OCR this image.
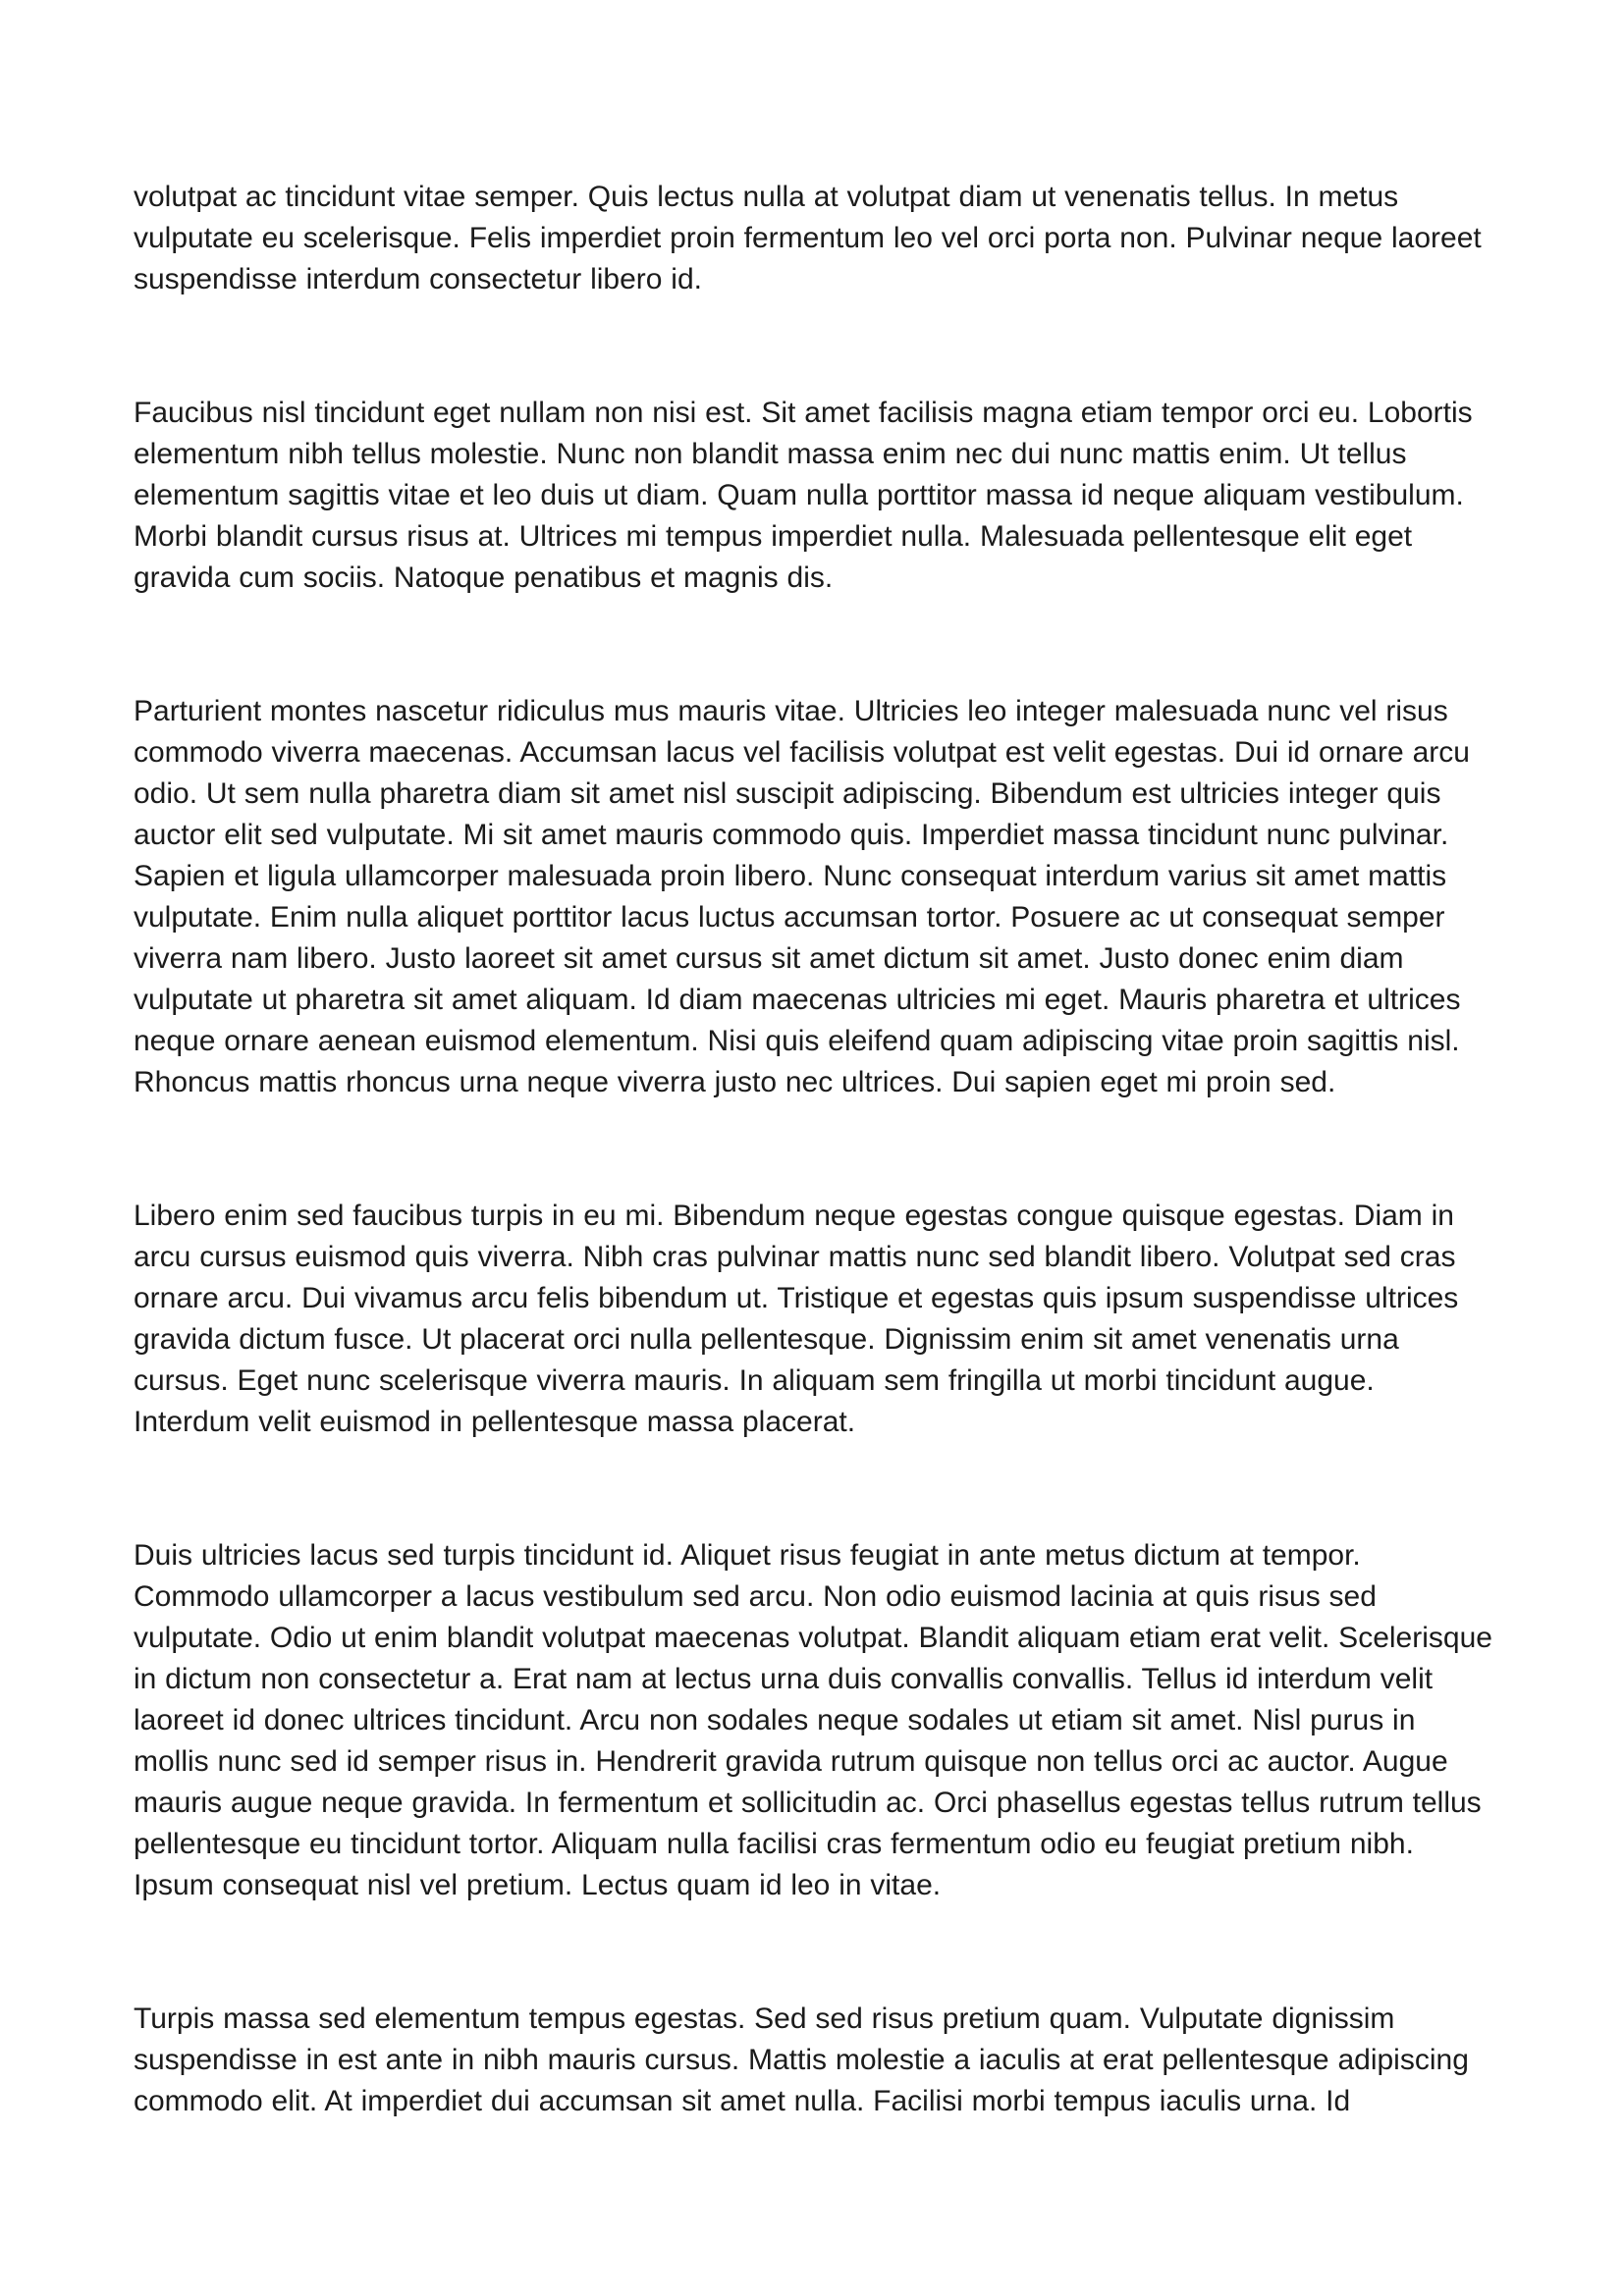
volutpat ac tincidunt vitae semper. Quis lectus nulla at volutpat diam ut venenatis tellus. In metus vulputate eu scelerisque. Felis imperdiet proin fermentum leo vel orci porta non. Pulvinar neque laoreet suspendisse interdum consectetur libero id.

Faucibus nisl tincidunt eget nullam non nisi est. Sit amet facilisis magna etiam tempor orci eu. Lobortis elementum nibh tellus molestie. Nunc non blandit massa enim nec dui nunc mattis enim. Ut tellus elementum sagittis vitae et leo duis ut diam. Quam nulla porttitor massa id neque aliquam vestibulum. Morbi blandit cursus risus at. Ultrices mi tempus imperdiet nulla. Malesuada pellentesque elit eget gravida cum sociis. Natoque penatibus et magnis dis.

Parturient montes nascetur ridiculus mus mauris vitae. Ultricies leo integer malesuada nunc vel risus commodo viverra maecenas. Accumsan lacus vel facilisis volutpat est velit egestas. Dui id ornare arcu odio. Ut sem nulla pharetra diam sit amet nisl suscipit adipiscing. Bibendum est ultricies integer quis auctor elit sed vulputate. Mi sit amet mauris commodo quis. Imperdiet massa tincidunt nunc pulvinar. Sapien et ligula ullamcorper malesuada proin libero. Nunc consequat interdum varius sit amet mattis vulputate. Enim nulla aliquet porttitor lacus luctus accumsan tortor. Posuere ac ut consequat semper viverra nam libero. Justo laoreet sit amet cursus sit amet dictum sit amet. Justo donec enim diam vulputate ut pharetra sit amet aliquam. Id diam maecenas ultricies mi eget. Mauris pharetra et ultrices neque ornare aenean euismod elementum. Nisi quis eleifend quam adipiscing vitae proin sagittis nisl. Rhoncus mattis rhoncus urna neque viverra justo nec ultrices. Dui sapien eget mi proin sed.

Libero enim sed faucibus turpis in eu mi. Bibendum neque egestas congue quisque egestas. Diam in arcu cursus euismod quis viverra. Nibh cras pulvinar mattis nunc sed blandit libero. Volutpat sed cras ornare arcu. Dui vivamus arcu felis bibendum ut. Tristique et egestas quis ipsum suspendisse ultrices gravida dictum fusce. Ut placerat orci nulla pellentesque. Dignissim enim sit amet venenatis urna cursus. Eget nunc scelerisque viverra mauris. In aliquam sem fringilla ut morbi tincidunt augue. Interdum velit euismod in pellentesque massa placerat.

Duis ultricies lacus sed turpis tincidunt id. Aliquet risus feugiat in ante metus dictum at tempor. Commodo ullamcorper a lacus vestibulum sed arcu. Non odio euismod lacinia at quis risus sed vulputate. Odio ut enim blandit volutpat maecenas volutpat. Blandit aliquam etiam erat velit. Scelerisque in dictum non consectetur a. Erat nam at lectus urna duis convallis convallis. Tellus id interdum velit laoreet id donec ultrices tincidunt. Arcu non sodales neque sodales ut etiam sit amet. Nisl purus in mollis nunc sed id semper risus in. Hendrerit gravida rutrum quisque non tellus orci ac auctor. Augue mauris augue neque gravida. In fermentum et sollicitudin ac. Orci phasellus egestas tellus rutrum tellus pellentesque eu tincidunt tortor. Aliquam nulla facilisi cras fermentum odio eu feugiat pretium nibh. Ipsum consequat nisl vel pretium. Lectus quam id leo in vitae.

Turpis massa sed elementum tempus egestas. Sed sed risus pretium quam. Vulputate dignissim suspendisse in est ante in nibh mauris cursus. Mattis molestie a iaculis at erat pellentesque adipiscing commodo elit. At imperdiet dui accumsan sit amet nulla. Facilisi morbi tempus iaculis urna. Id
